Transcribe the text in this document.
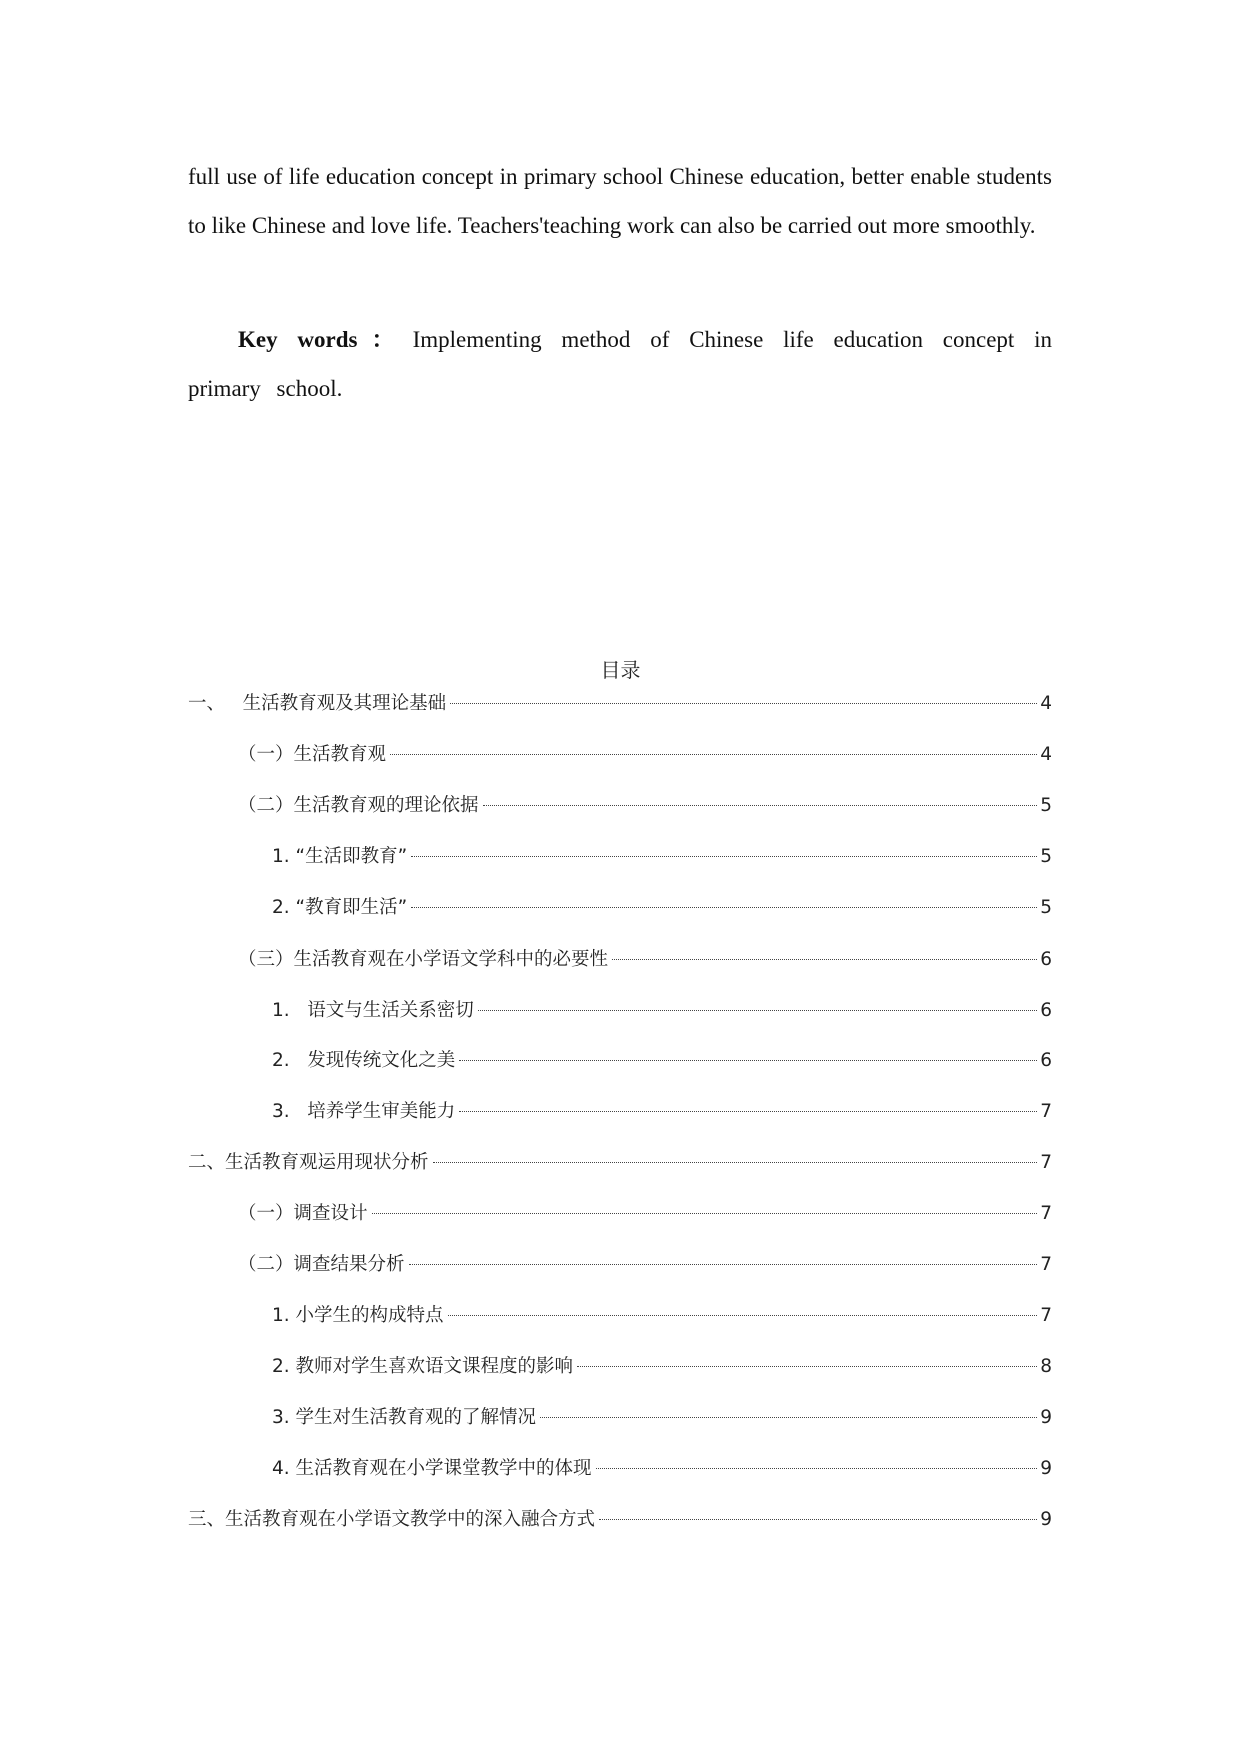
full use of life education concept in primary school Chinese education, better enable students to like Chinese and love life. Teachers'teaching work can also be carried out more smoothly.

Key words ： Implementing method of Chinese life education concept in primary school.

目录
一、   生活教育观及其理论基础	4
（一）生活教育观	4
（二）生活教育观的理论依据	5
1. “生活即教育”	5
2. “教育即生活”	5
（三）生活教育观在小学语文学科中的必要性	6
1.   语文与生活关系密切	6
2.   发现传统文化之美	6
3.   培养学生审美能力	7
二、生活教育观运用现状分析	7
（一）调查设计	7
（二）调查结果分析	7
1. 小学生的构成特点	7
2. 教师对学生喜欢语文课程度的影响	8
3. 学生对生活教育观的了解情况	9
4. 生活教育观在小学课堂教学中的体现	9
三、生活教育观在小学语文教学中的深入融合方式	9
